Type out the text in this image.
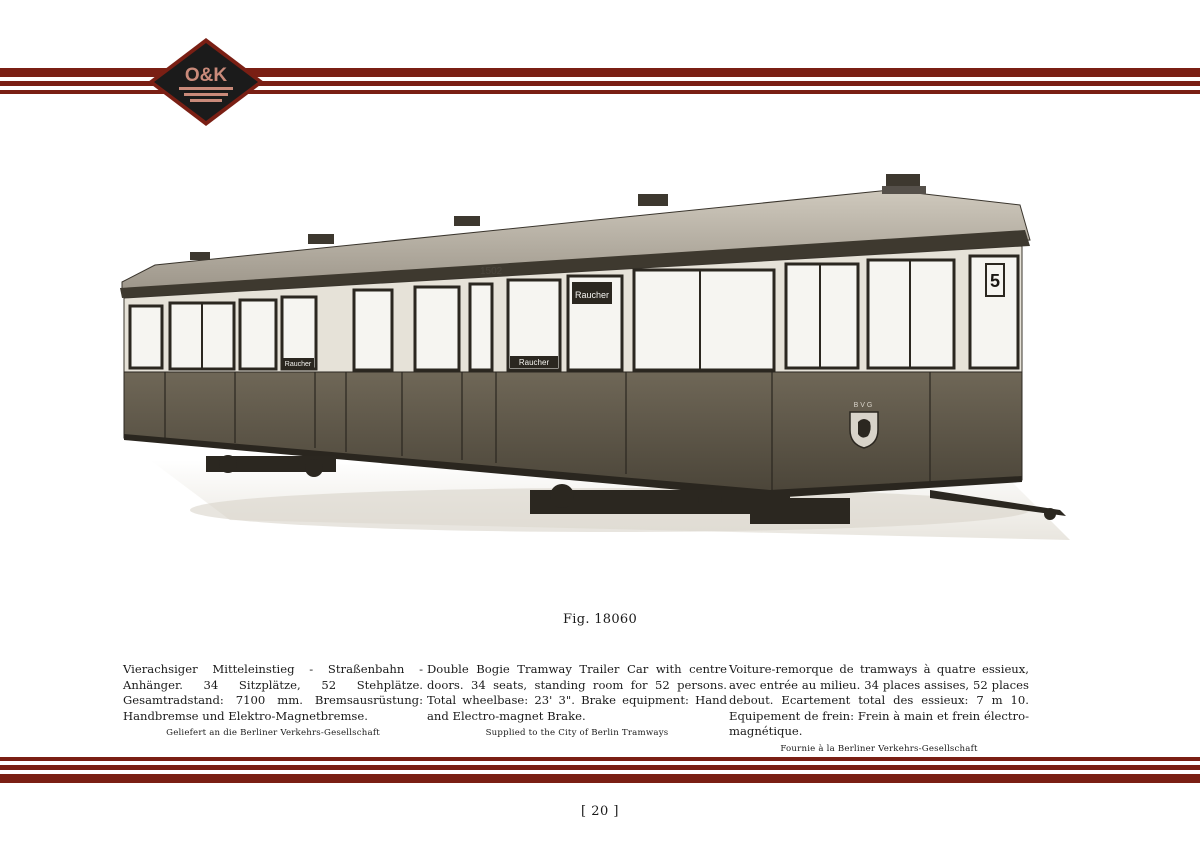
O&K
Raucher
Raucher
Raucher
1502	5
BVG
Fig. 18060

Vierachsiger Mitteleinstieg - Straßenbahn - Anhänger. 34 Sitzplätze, 52 Stehplätze. Gesamtradstand: 7100 mm. Bremsausrüstung: Handbremse und Elektro-Magnetbremse.

Geliefert an die Berliner Verkehrs-Gesellschaft

Double Bogie Tramway Trailer Car with centre doors. 34 seats, standing room for 52 persons. Total wheelbase: 23' 3". Brake equipment: Hand and Electro-magnet Brake.

Supplied to the City of Berlin Tramways

Voiture-remorque de tramways à quatre essieux, avec entrée au milieu. 34 places assises, 52 places debout. Ecartement total des essieux: 7 m 10. Equipement de frein: Frein à main et frein électro-magnétique.

Fournie à la Berliner Verkehrs-Gesellschaft
[ 20 ]
